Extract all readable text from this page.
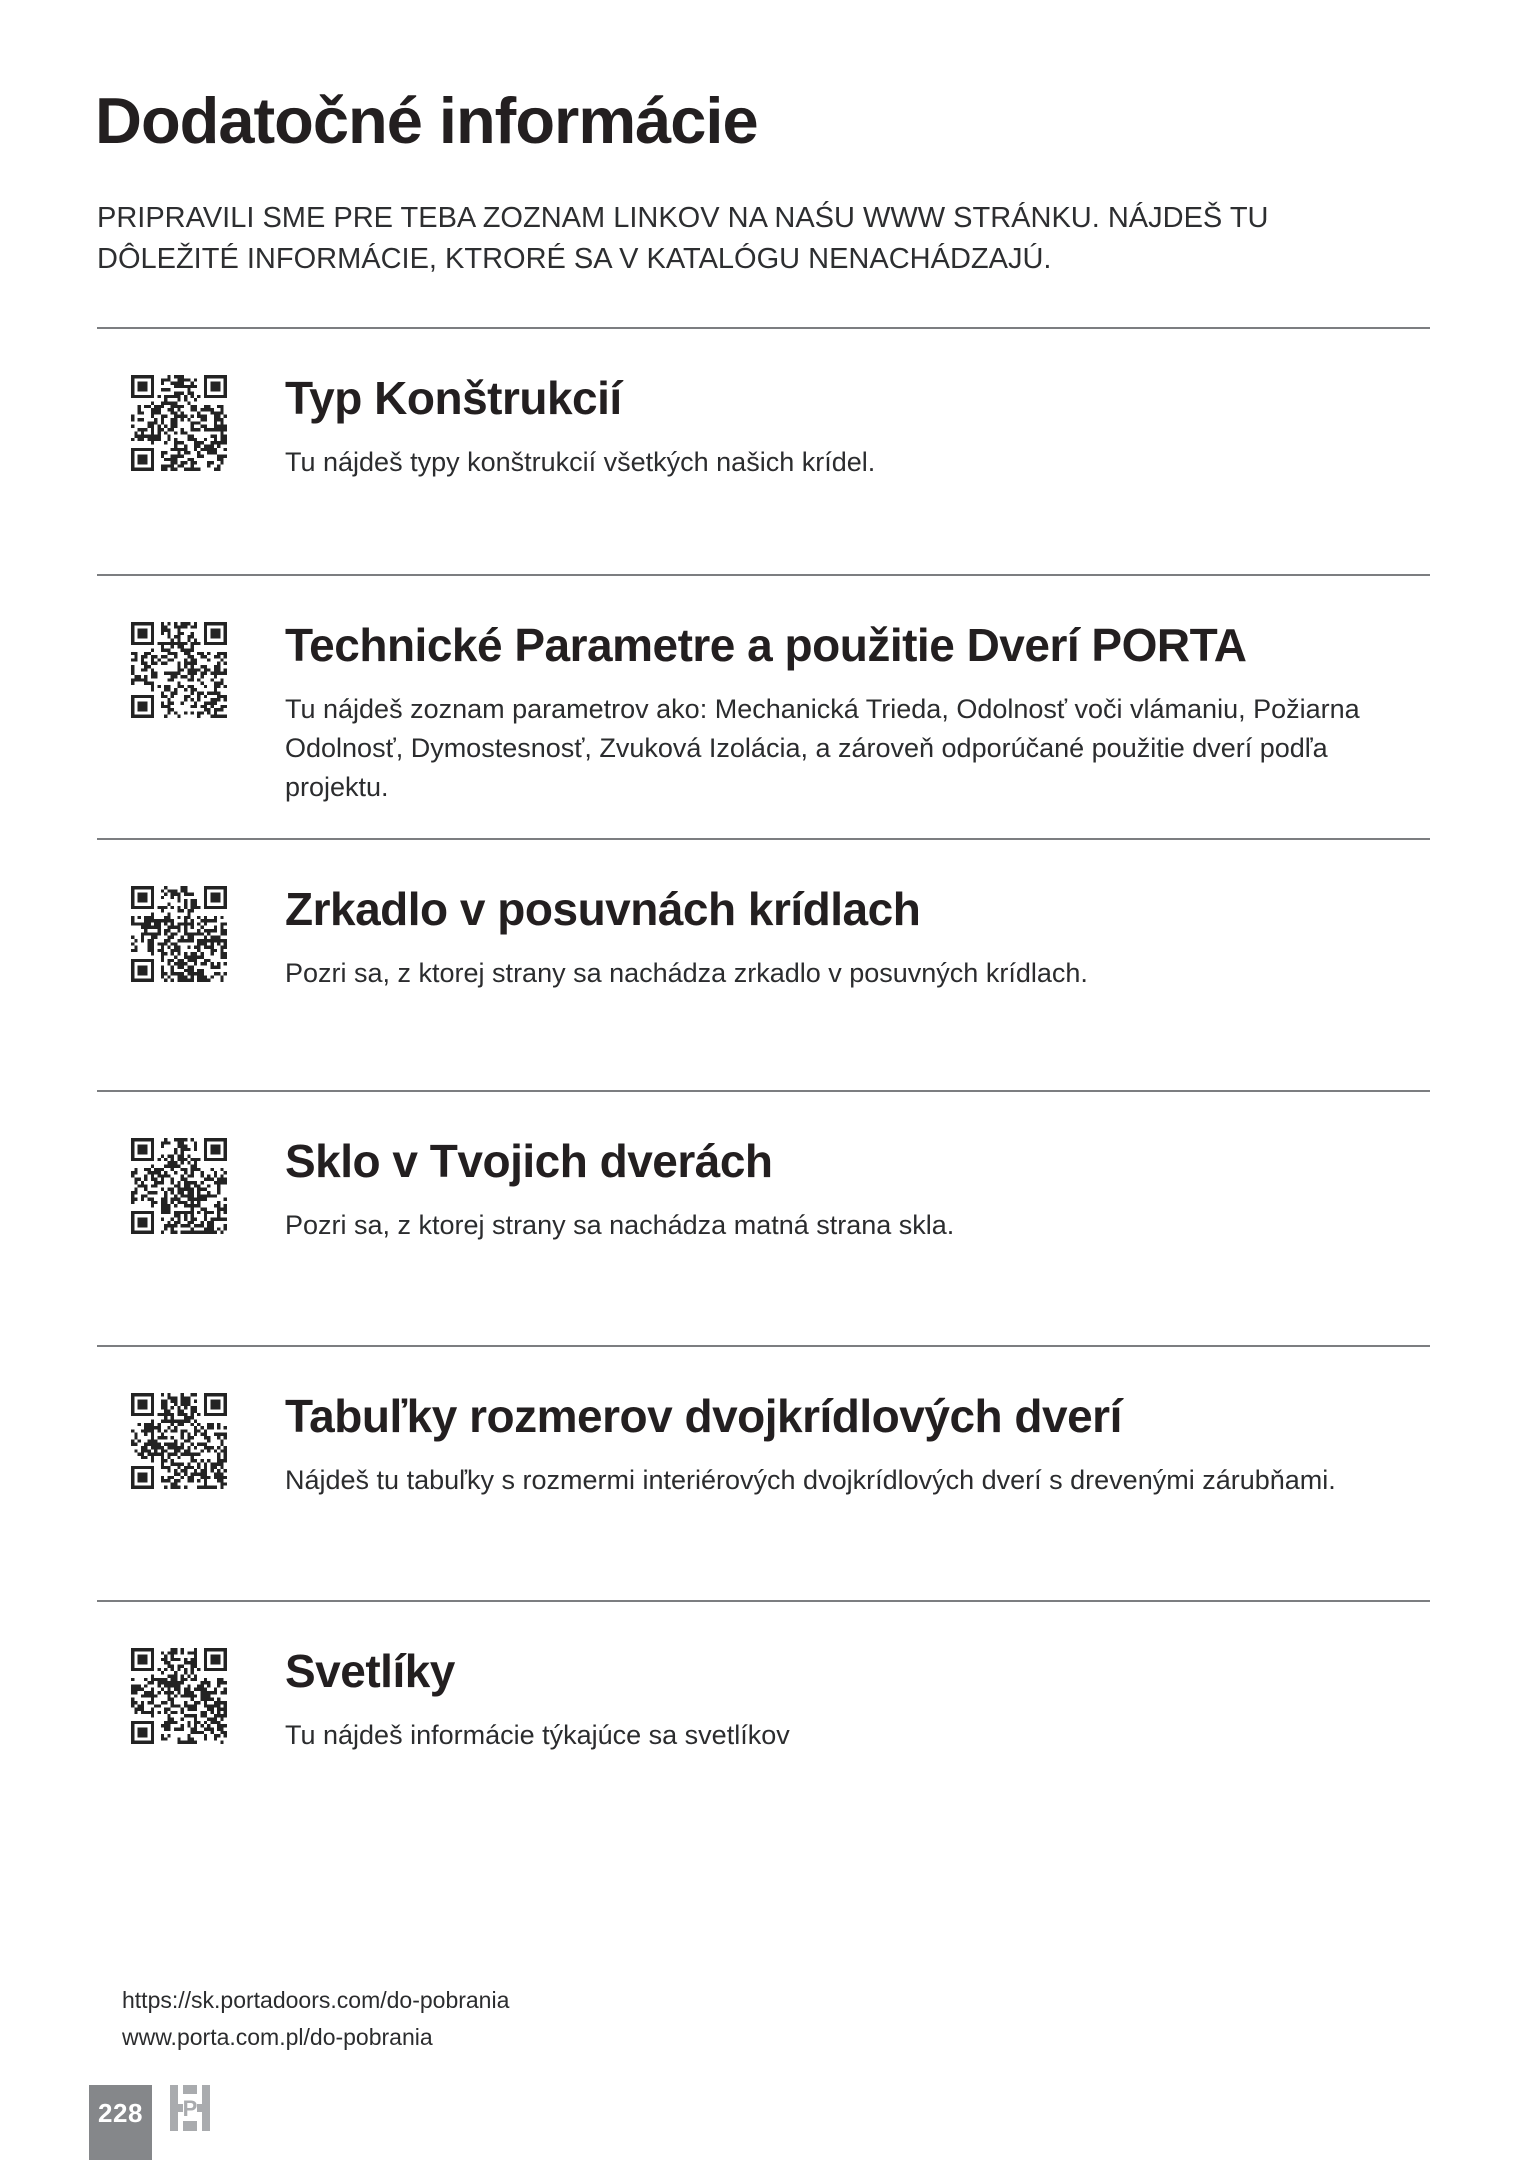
Dodatočné informácie

PRIPRAVILI SME PRE TEBA ZOZNAM LINKOV NA NAŚU WWW STRÁNKU. NÁJDEŠ TU DÔLEŽITÉ INFORMÁCIE, KTRORÉ SA V KATALÓGU NENACHÁDZAJÚ.

Typ Konštrukcií

Tu nájdeš typy konštrukcií všetkých našich krídel.

Technické Parametre a použitie Dverí PORTA

Tu nájdeš zoznam parametrov ako: Mechanická Trieda, Odolnosť voči vlámaniu, Požiarna Odolnosť, Dymostesnosť, Zvuková Izolácia, a zároveň odporúčané použitie dverí podľa projektu.

Zrkadlo v posuvnách krídlach

Pozri sa, z ktorej strany sa nachádza zrkadlo v posuvných krídlach.

Sklo v Tvojich dverách

Pozri sa, z ktorej strany sa nachádza matná strana skla.

Tabuľky rozmerov dvojkrídlových dverí

Nájdeš tu tabuľky s rozmermi interiérových dvojkrídlových dverí s drevenými zárubňami.

Svetlíky

Tu nájdeš informácie týkajúce sa svetlíkov

https://sk.portadoors.com/do-pobrania
www.porta.com.pl/do-pobrania
228	P
